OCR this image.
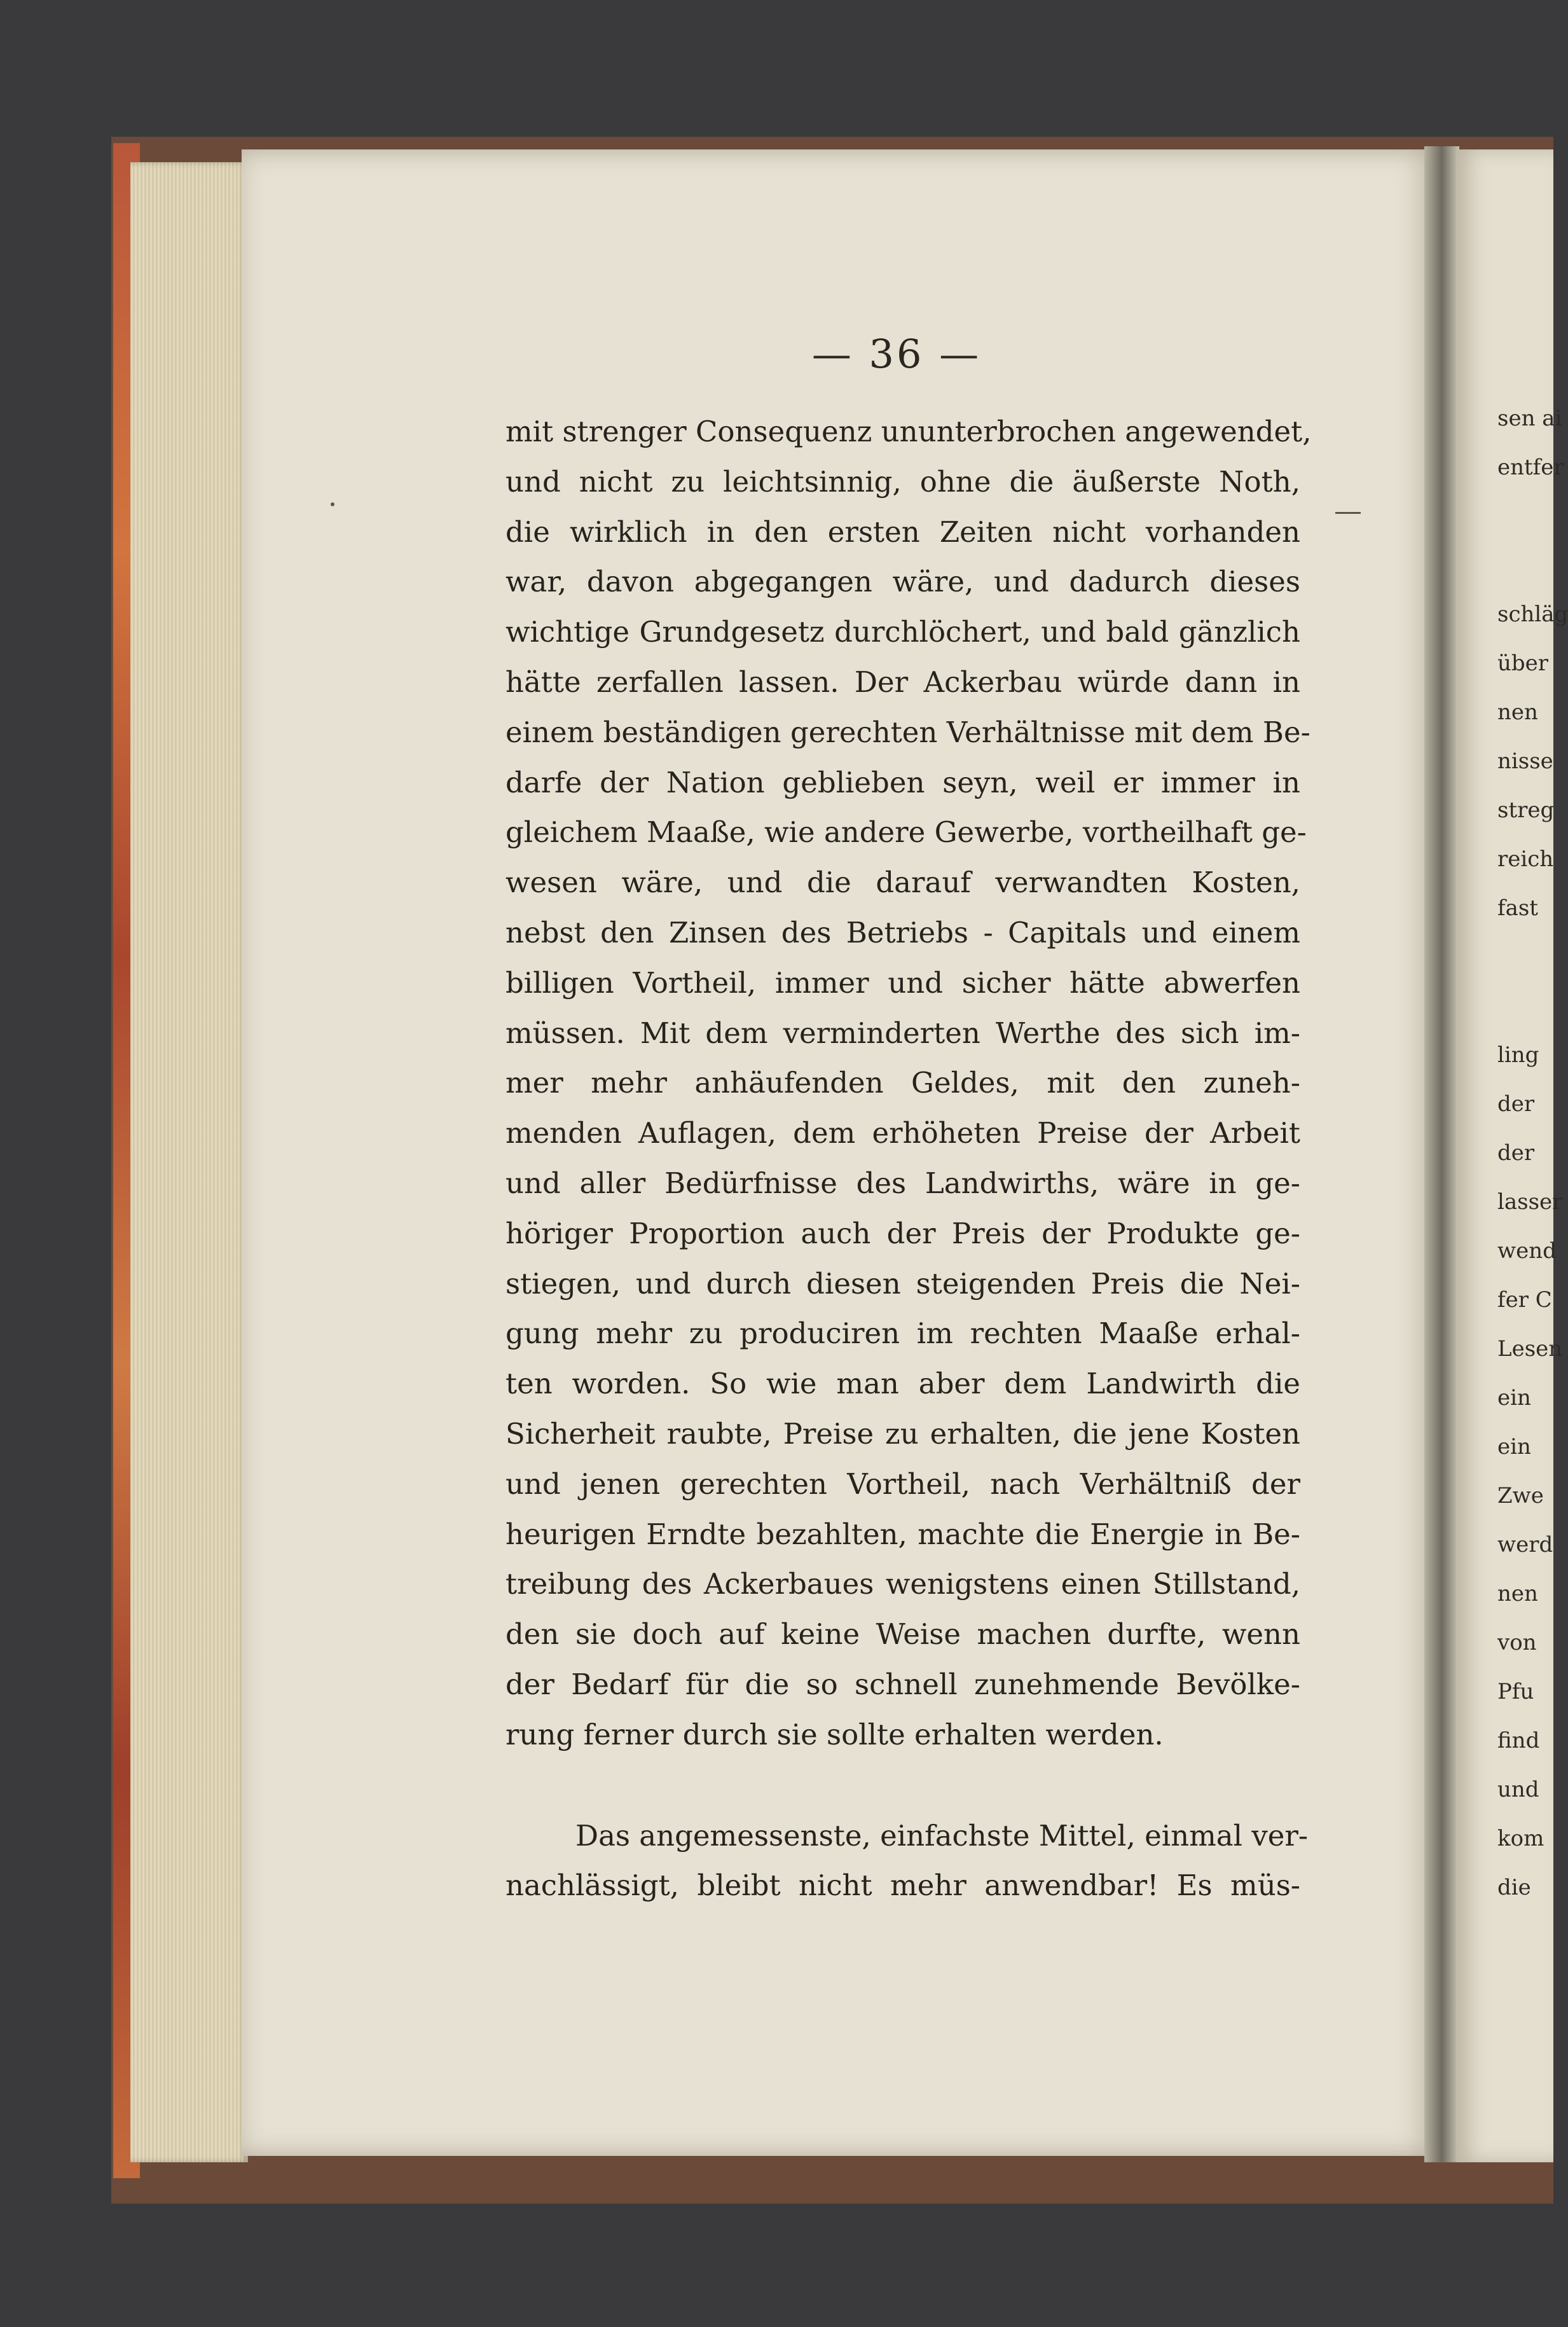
— 36 —
mit strenger Consequenz ununterbrochen angewendet,
und nicht zu leichtsinnig, ohne die äußerste Noth,
die wirklich in den ersten Zeiten nicht vorhanden
war, davon abgegangen wäre, und dadurch dieses
wichtige Grundgesetz durchlöchert, und bald gänzlich
hätte zerfallen lassen. Der Ackerbau würde dann in
einem beständigen gerechten Verhältnisse mit dem Be-
darfe der Nation geblieben seyn, weil er immer in
gleichem Maaße, wie andere Gewerbe, vortheilhaft ge-
wesen wäre, und die darauf verwandten Kosten,
nebst den Zinsen des Betriebs - Capitals und einem
billigen Vortheil, immer und sicher hätte abwerfen
müssen. Mit dem verminderten Werthe des sich im-
mer mehr anhäufenden Geldes, mit den zuneh-
menden Auflagen, dem erhöheten Preise der Arbeit
und aller Bedürfnisse des Landwirths, wäre in ge-
höriger Proportion auch der Preis der Produkte ge-
stiegen, und durch diesen steigenden Preis die Nei-
gung mehr zu produciren im rechten Maaße erhal-
ten worden. So wie man aber dem Landwirth die
Sicherheit raubte, Preise zu erhalten, die jene Kosten
und jenen gerechten Vortheil, nach Verhältniß der
heurigen Erndte bezahlten, machte die Energie in Be-
treibung des Ackerbaues wenigstens einen Stillstand,
den sie doch auf keine Weise machen durfte, wenn
der Bedarf für die so schnell zunehmende Bevölke-
rung ferner durch sie sollte erhalten werden.
Das angemessenste, einfachste Mittel, einmal ver-
nachlässigt, bleibt nicht mehr anwendbar! Es müs-
sen ai
entfer
schläg
über
nen
nisse
streg
reich
fast
ling
der
der
lasser
wend
fer C
Lesen
ein
ein
Zwe
werd
nen
von
Pfu
find
und
kom
die
